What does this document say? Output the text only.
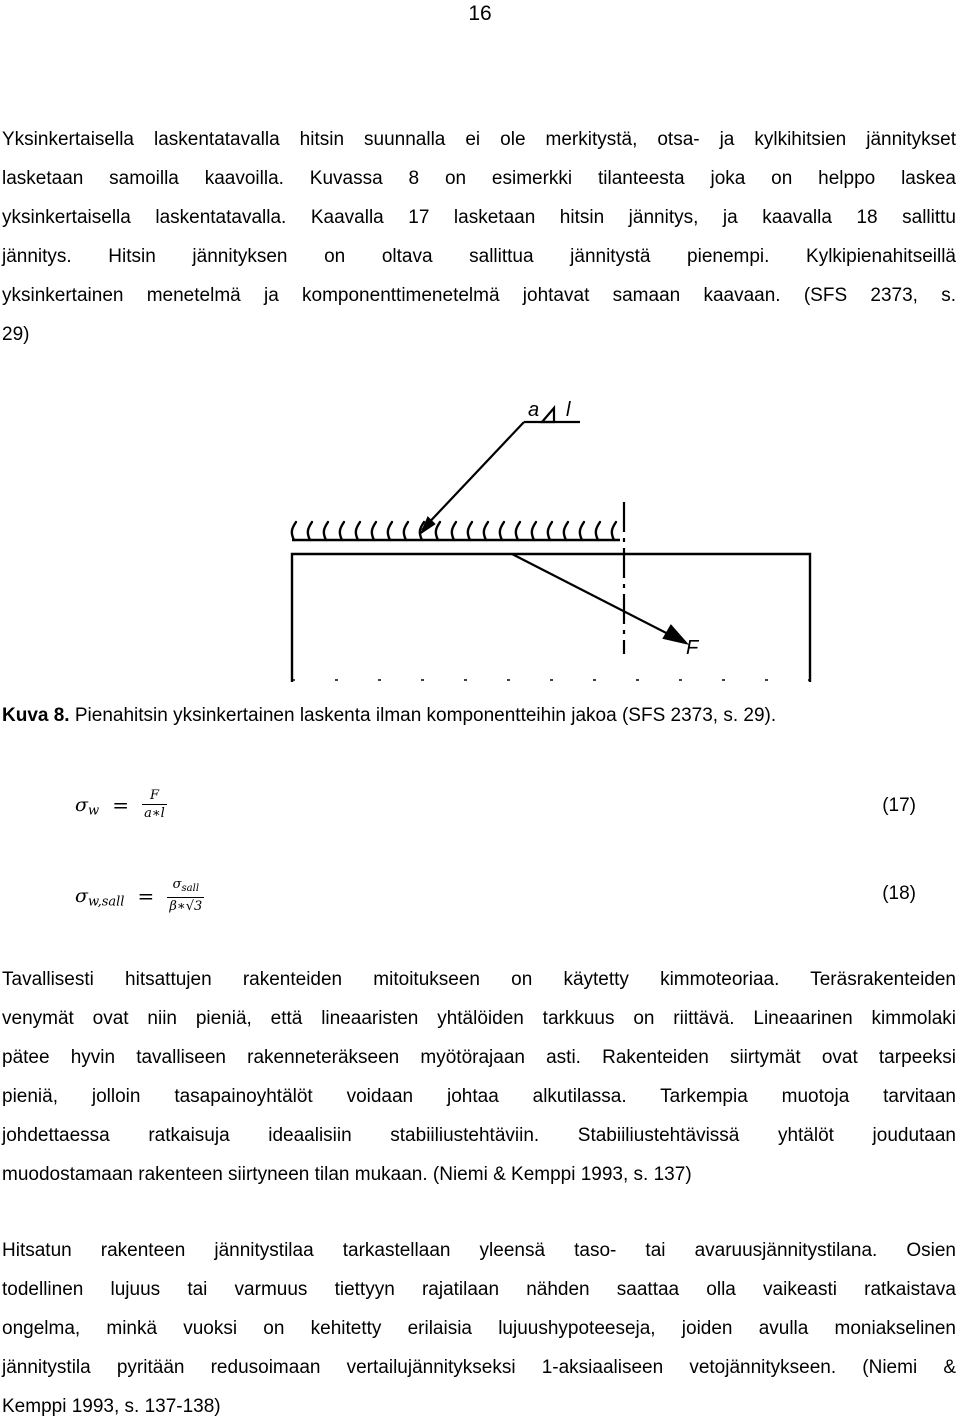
16
Yksinkertaisella laskentatavalla hitsin suunnalla ei ole merkitystä, otsa- ja kylkihitsien jännitykset
lasketaan samoilla kaavoilla. Kuvassa 8 on esimerkki tilanteesta joka on helppo laskea
yksinkertaisella laskentatavalla. Kaavalla 17 lasketaan hitsin jännitys, ja kaavalla 18 sallittu
jännitys. Hitsin jännityksen on oltava sallittua jännitystä pienempi. Kylkipienahitseillä
yksinkertainen menetelmä ja komponenttimenetelmä johtavat samaan kaavaan. (SFS 2373, s.
29)
a l
F
Kuva 8. Pienahitsin yksinkertainen laskenta ilman komponentteihin jakoa (SFS 2373, s. 29).
$\sigma_w = \frac{F}{a∗l}$	(17)
$\sigma_{w,sall} = \frac{\sigma_{sall}}{\beta∗√3}$	(18)
Tavallisesti hitsattujen rakenteiden mitoitukseen on käytetty kimmoteoriaa. Teräsrakenteiden
venymät ovat niin pieniä, että lineaaristen yhtälöiden tarkkuus on riittävä. Lineaarinen kimmolaki
pätee hyvin tavalliseen rakenneteräkseen myötörajaan asti. Rakenteiden siirtymät ovat tarpeeksi
pieniä, jolloin tasapainoyhtälöt voidaan johtaa alkutilassa. Tarkempia muotoja tarvitaan
johdettaessa ratkaisuja ideaalisiin stabiiliustehtäviin. Stabiiliustehtävissä yhtälöt joudutaan
muodostamaan rakenteen siirtyneen tilan mukaan. (Niemi & Kemppi 1993, s. 137)
Hitsatun rakenteen jännitystilaa tarkastellaan yleensä taso- tai avaruusjännitystilana. Osien
todellinen lujuus tai varmuus tiettyyn rajatilaan nähden saattaa olla vaikeasti ratkaistava
ongelma, minkä vuoksi on kehitetty erilaisia lujuushypoteeseja, joiden avulla moniakselinen
jännitystila pyritään redusoimaan vertailujännitykseksi 1-aksiaaliseen vetojännitykseen. (Niemi &
Kemppi 1993, s. 137-138)
